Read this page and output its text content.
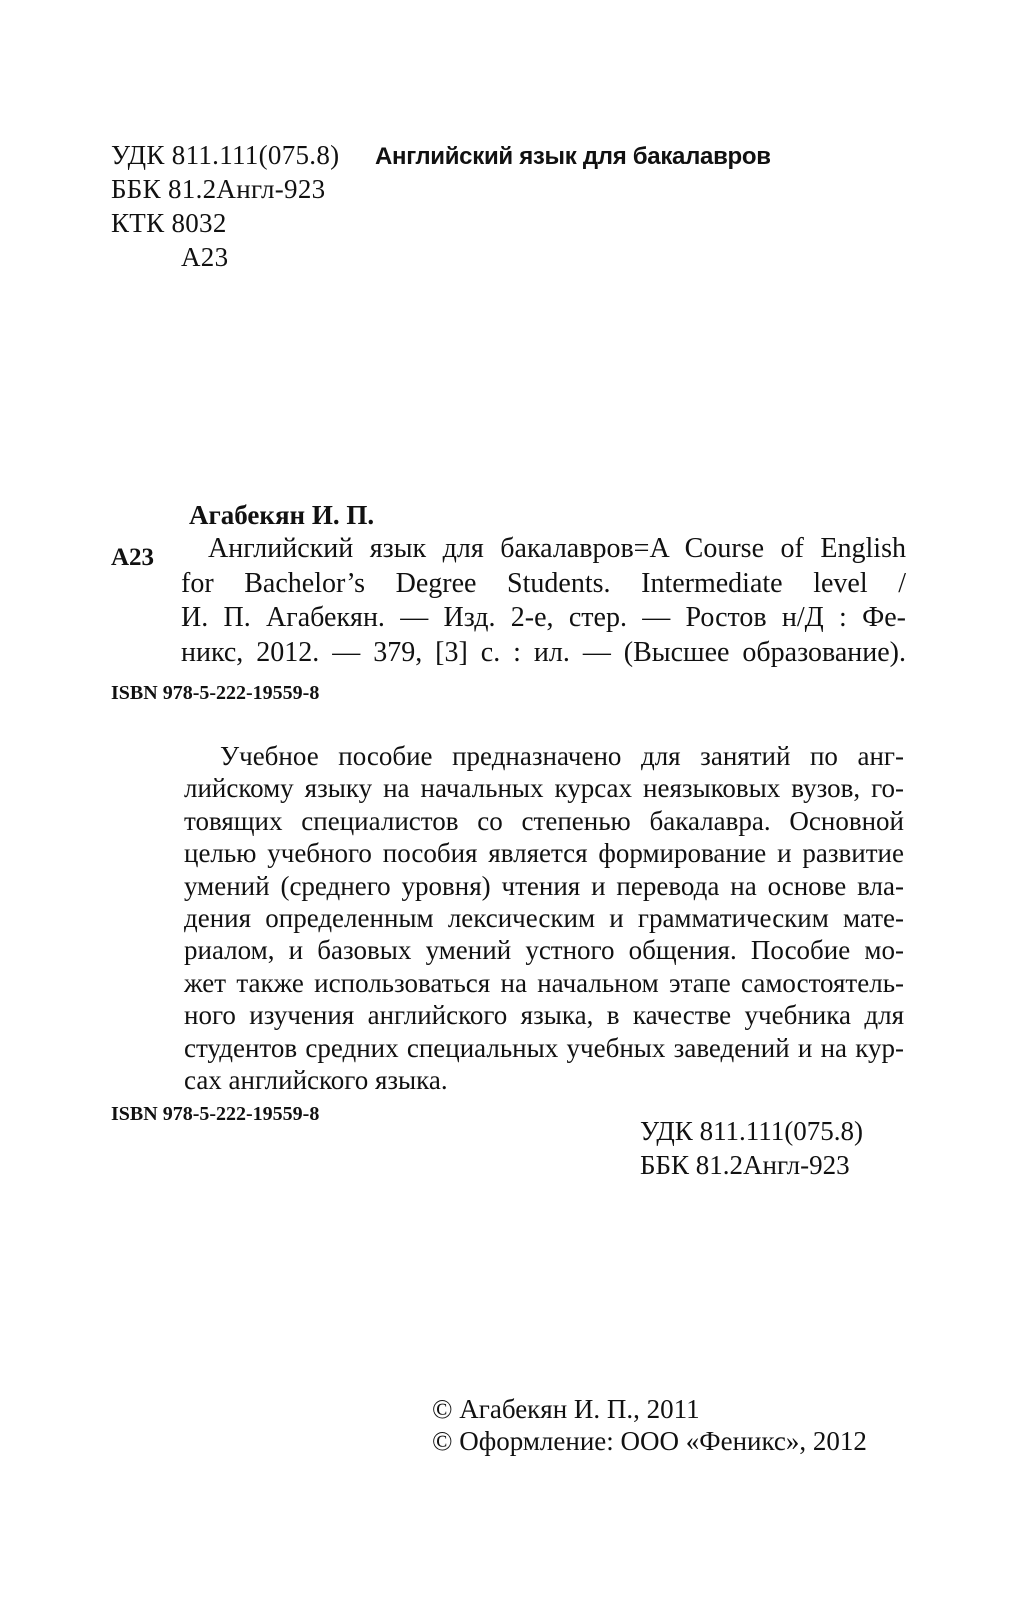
УДК 811.111(075.8) Английский язык для бакалавров
ББК 81.2Англ-923
КТК 8032
А23
Агабекян И. П.
А23	Английский язык для бакалавров=A Course of English
for Bachelor’s Degree Students. Intermediate level /
И. П. Агабекян. — Изд. 2-е, стер. — Ростов н/Д : Фе-
никс, 2012. — 379, [3] с. : ил. — (Высшее образование).
ISBN 978-5-222-19559-8
Учебное пособие предназначено для занятий по анг-
лийскому языку на начальных курсах неязыковых вузов, го-
товящих специалистов со степенью бакалавра. Основной
целью учебного пособия является формирование и развитие
умений (среднего уровня) чтения и перевода на основе вла-
дения определенным лексическим и грамматическим мате-
риалом, и базовых умений устного общения. Пособие мо-
жет также использоваться на начальном этапе самостоятель-
ного изучения английского языка, в качестве учебника для
студентов средних специальных учебных заведений и на кур-
сах английского языка.
ISBN 978-5-222-19559-8
УДК 811.111(075.8)
ББК 81.2Англ-923
© Агабекян И. П., 2011
© Оформление: ООО «Феникс», 2012
